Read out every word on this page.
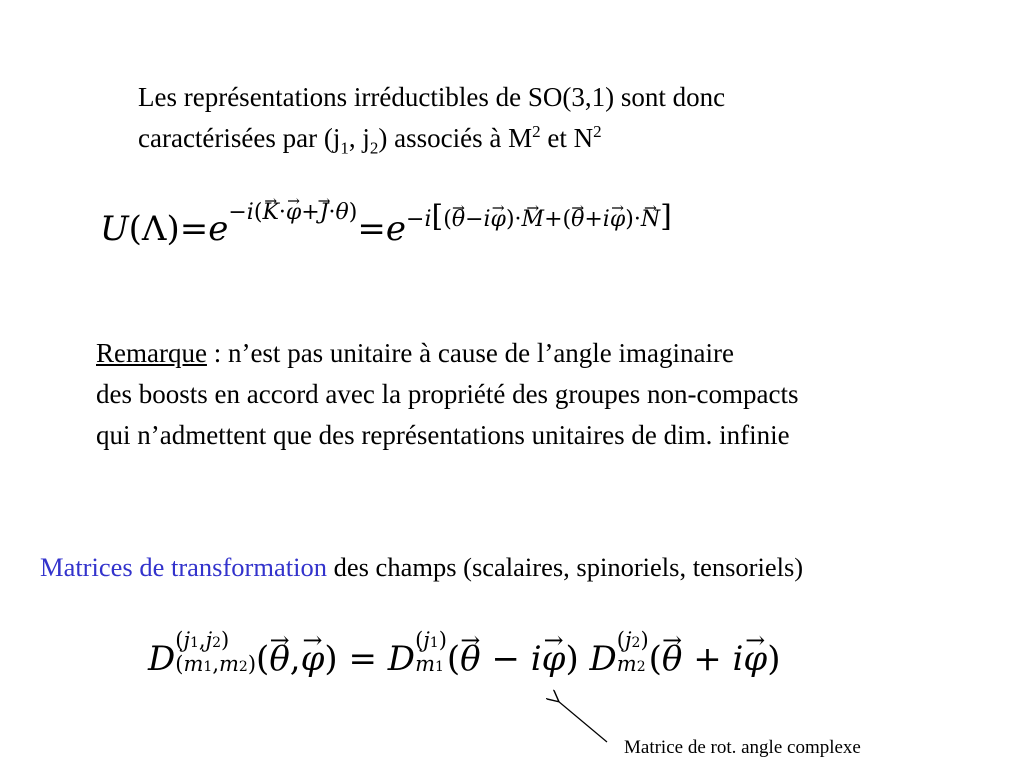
Les représentations irréductibles de SO(3,1) sont donc
caractérisées par ($j_1$, $j_2$) associés à $M^2$ et $N^2$
U(Λ)=e−i(→ K·→ φ+→ J·θ)=e−i[(→ θ−i→ φ)·→ M+(→ θ+i→ φ)·→ N]
Remarque : n’est pas unitaire à cause de l’angle imaginaire
des boosts en accord avec la propriété des groupes non-compacts
qui n’admettent que des représentations unitaires de dim. infinie
Matrices de transformation des champs (scalaires, spinoriels, tensoriels)
D (j1,j2)
(m1,m2) (→ θ,→ φ) = D (j1)
m1 (→ θ − i→ φ) D (j2)
m2 (→ θ + i→ φ)
Matrice de rot. angle complexe
